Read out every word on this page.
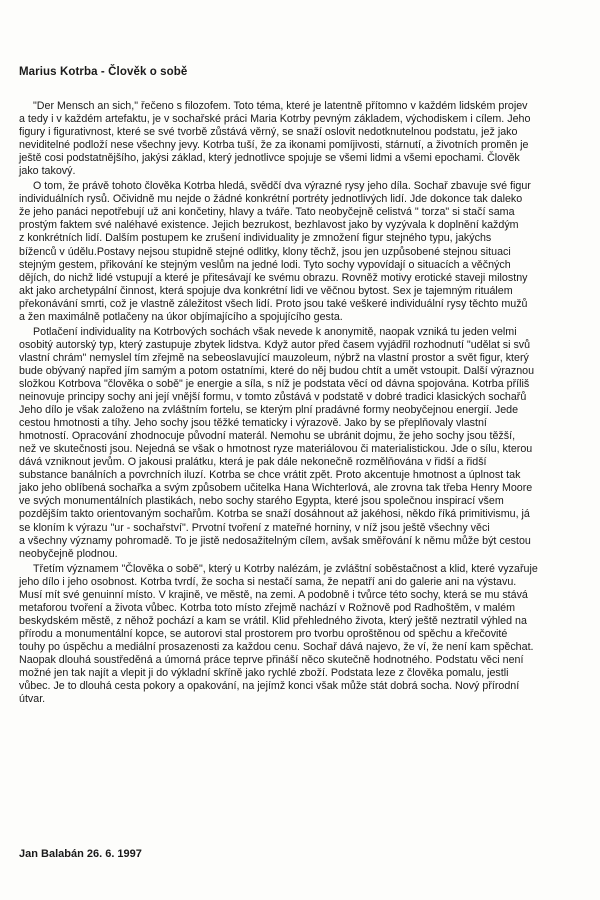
Marius Kotrba - Člověk o sobě
"Der Mensch an sich," řečeno s filozofem. Toto téma, které je latentně přítomno v každém lidském projev
a tedy i v každém artefaktu, je v sochařské práci Maria Kotrby pevným základem, východiskem i cílem. Jeho
figury i figurativnost, které se své tvorbě zůstává věrný, se snaží oslovit nedotknutelnou podstatu, jež jako
neviditelné podloží nese všechny jevy. Kotrba tuší, že za ikonami pomíjivosti, stárnutí, a životních proměn je
ještě cosi podstatnějšího, jakýsi základ, který jednotlivce spojuje se všemi lidmi a všemi epochami. Člověk
jako takový.
O tom, že právě tohoto člověka Kotrba hledá, svědčí dva výrazné rysy jeho díla. Sochař zbavuje své figur
individuálních rysů. Očividně mu nejde o žádné konkrétní portréty jednotlivých lidí. Jde dokonce tak daleko
že jeho panáci nepotřebují už ani končetiny, hlavy a tváře. Tato neobyčejně celistvá " torza" si stačí sama
prostým faktem své naléhavé existence. Jejich bezrukost, bezhlavost jako by vyzývala k doplnění každým
z konkrétních lidí. Dalším postupem ke zrušení individuality je zmnožení figur stejného typu, jakýchs
bíženců v údělu.Postavy nejsou stupidně stejné odlitky, klony těchž, jsou jen uzpůsobené stejnou situaci
stejným gestem, přikování ke stejným veslům na jedné lodi. Tyto sochy vypovídají o situacích a věčných
dějích, do nichž lidé vstupují a které je přitesávají ke svému obrazu. Rovněž motivy erotické staveji milostny
akt jako archetypální činnost, která spojuje dva konkrétní lidi ve věčnou bytost. Sex je tajemným rituálem
překonávání smrti, což je vlastně záležitost všech lidí. Proto jsou také veškeré individuální rysy těchto mužů
a žen maximálně potlačeny na úkor objímajícího a spojujícího gesta.
Potlačení individuality na Kotrbových sochách však nevede k anonymitě, naopak vzniká tu jeden velmi
osobitý autorský typ, který zastupuje zbytek lidstva. Když autor před časem vyjádřil rozhodnutí "udělat si svů
vlastní chrám" nemyslel tím zřejmě na sebeoslavující mauzoleum, nýbrž na vlastní prostor a svět figur, který
bude obývaný napřed jím samým a potom ostatními, které do něj budou chtít a umět vstoupit. Další výraznou
složkou Kotrbova "člověka o sobě" je energie a síla, s níž je podstata věcí od dávna spojována. Kotrba příliš
neinovuje principy sochy ani její vnější formu, v tomto zůstává v podstatě v dobré tradici klasických sochařů
Jeho dílo je však založeno na zvláštním fortelu, se kterým plní pradávné formy neobyčejnou energií. Jede
cestou hmotnosti a tíhy. Jeho sochy jsou těžké tematicky i výrazově. Jako by se přeplňovaly vlastní
hmotností. Opracování zhodnocuje původní materál. Nemohu se ubránit dojmu, že jeho sochy jsou těžší,
než ve skutečnosti jsou. Nejedná se však o hmotnost ryze materiálovou či materialistickou. Jde o sílu, kterou
dává vzniknout jevům. O jakousi pralátku, která je pak dále nekonečně rozmělňována v řidší a řidší
substance banálních a povrchních iluzí. Kotrba se chce vrátit zpět. Proto akcentuje hmotnost a úplnost tak
jako jeho oblíbená sochařka a svým způsobem učitelka Hana Wichterlová, ale zrovna tak třeba Henry Moore
ve svých monumentálních plastikách, nebo sochy starého Egypta, které jsou společnou inspirací všem
pozdějším takto orientovaným sochařům. Kotrba se snaží dosáhnout až jakéhosi, někdo říká primitivismu, já
se kloním k výrazu "ur - sochařství". Prvotní tvoření z mateřné horniny, v níž jsou ještě všechny věci
a všechny významy pohromadě. To je jistě nedosažitelným cílem, avšak směřování k němu může být cestou
neobyčejně plodnou.
Třetím významem "Člověka o sobě", který u Kotrby nalézám, je zvláštní soběstačnost a klid, které vyzařuje
jeho dílo i jeho osobnost. Kotrba tvrdí, že socha si nestačí sama, že nepatří ani do galerie ani na výstavu.
Musí mít své genuinní místo. V krajině, ve městě, na zemi. A podobně i tvůrce této sochy, která se mu stává
metaforou tvoření a života vůbec. Kotrba toto místo zřejmě nachází v Rožnově pod Radhoštěm, v malém
beskydském městě, z něhož pochází a kam se vrátil. Klid přehledného života, který ještě neztratil výhled na
přírodu a monumentální kopce, se autorovi stal prostorem pro tvorbu oproštěnou od spěchu a křečovité
touhy po úspěchu a mediální prosazenosti za každou cenu. Sochař dává najevo, že ví, že není kam spěchat.
Naopak dlouhá soustředěná a úmorná práce teprve přináší něco skutečně hodnotného. Podstatu věci není
možné jen tak najít a vlepit ji do výkladní skříně jako rychlé zboží. Podstata leze z člověka pomalu, jestli
vůbec. Je to dlouhá cesta pokory a opakování, na jejímž konci však může stát dobrá socha. Nový přírodní
útvar.
Jan Balabán 26. 6. 1997
